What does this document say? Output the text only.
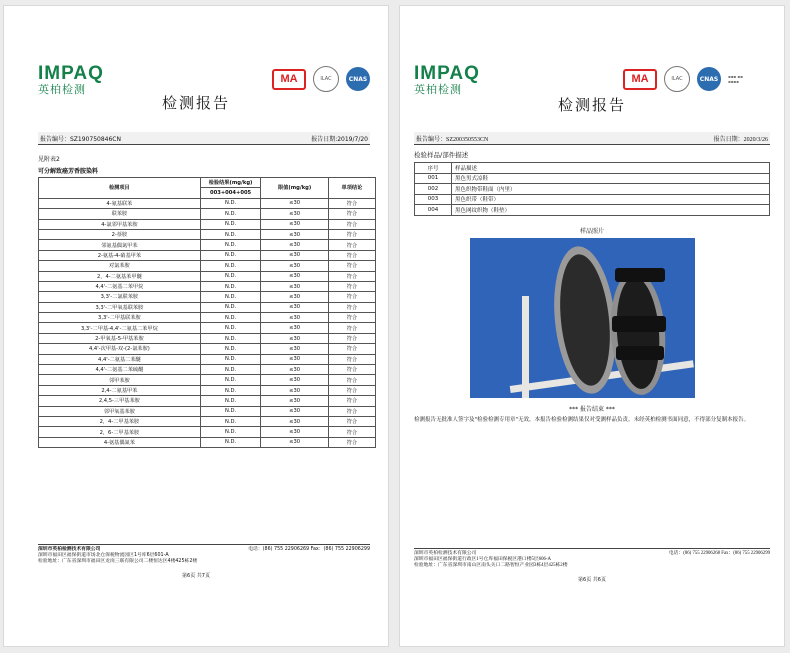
IMPAQ
英柏检测
MA	ILAC	CNAS
检测报告
报告编号：SZ190750846CN	报告日期:2019/7/20
见附表2
可分解致癌芳香胺染料
检测项目	检验结果(mg/kg)	限值(mg/kg)	单项结论
	003+004+005		
4-氨基联苯	N.D.	≤30	符合
联苯胺	N.D.	≤30	符合
4-氯邻甲基苯胺	N.D.	≤30	符合
2-萘胺	N.D.	≤30	符合
邻氨基偶氮甲苯	N.D.	≤30	符合
2-氨基-4-硝基甲苯	N.D.	≤30	符合
对氯苯胺	N.D.	≤30	符合
2，4-二氨基苯甲醚	N.D.	≤30	符合
4,4'-二氨基二苯甲烷	N.D.	≤30	符合
3,3'-二氯联苯胺	N.D.	≤30	符合
3,3'-二甲氧基联苯胺	N.D.	≤30	符合
3,3'-二甲基联苯胺	N.D.	≤30	符合
3,3'-二甲基-4,4'-二氨基二苯甲烷	N.D.	≤30	符合
2-甲氧基-5-甲基苯胺	N.D.	≤30	符合
4,4'-次甲基-双-(2-氯苯胺)	N.D.	≤30	符合
4,4'-二氨基二苯醚	N.D.	≤30	符合
4,4'-二氨基二苯硫醚	N.D.	≤30	符合
邻甲苯胺	N.D.	≤30	符合
2,4-二氨基甲苯	N.D.	≤30	符合
2,4,5-三甲基苯胺	N.D.	≤30	符合
邻甲氧基苯胺	N.D.	≤30	符合
2，4-二甲基苯胺	N.D.	≤30	符合
2，6-二甲基苯胺	N.D.	≤30	符合
4-氨基偶氮苯	N.D.	≤30	符合
深圳市英柏检测技术有限公司	电话：(86) 755 22906269 Fax：(86) 755 22906299
深圳市福田区福保街道市场北仓保税物流园区1号库6层601-A
检验地址：广东省深圳市福田区龙岗三联有限公司二楼恒达区4楼425栋2楼
第6页 共7页
IMPAQ
英柏检测
MA	ILAC	CNAS	▪▪▪ ▪▪ ▪▪▪▪
检测报告
报告编号：SZ200350553CN	报告日期：2020/3/26
检验样品/部件描述
序号	样品描述
001	黑色男式凉鞋
002	黑色织物带鞋面（内里）
003	黑色织带（鞋带）
004	黑色网纹织物（鞋垫）
样品照片
*** 报告结束 ***
检测报告无批准人签字及"检验检测专用章"无效。本报告检验检测结果仅对受测样品负责。未经英柏检测书面同意，不得部分复制本报告。
深圳市英柏检测技术有限公司	电话：(86) 755 22906268 Fax：(86) 755 22906299
深圳市福田区福保街道行政区1号仓库福田保税区港口楼5层606-A
检验地址：广东省深圳市南山区南头关口二路智恒产业园3栋4层425栋2楼
第6页 共6页
